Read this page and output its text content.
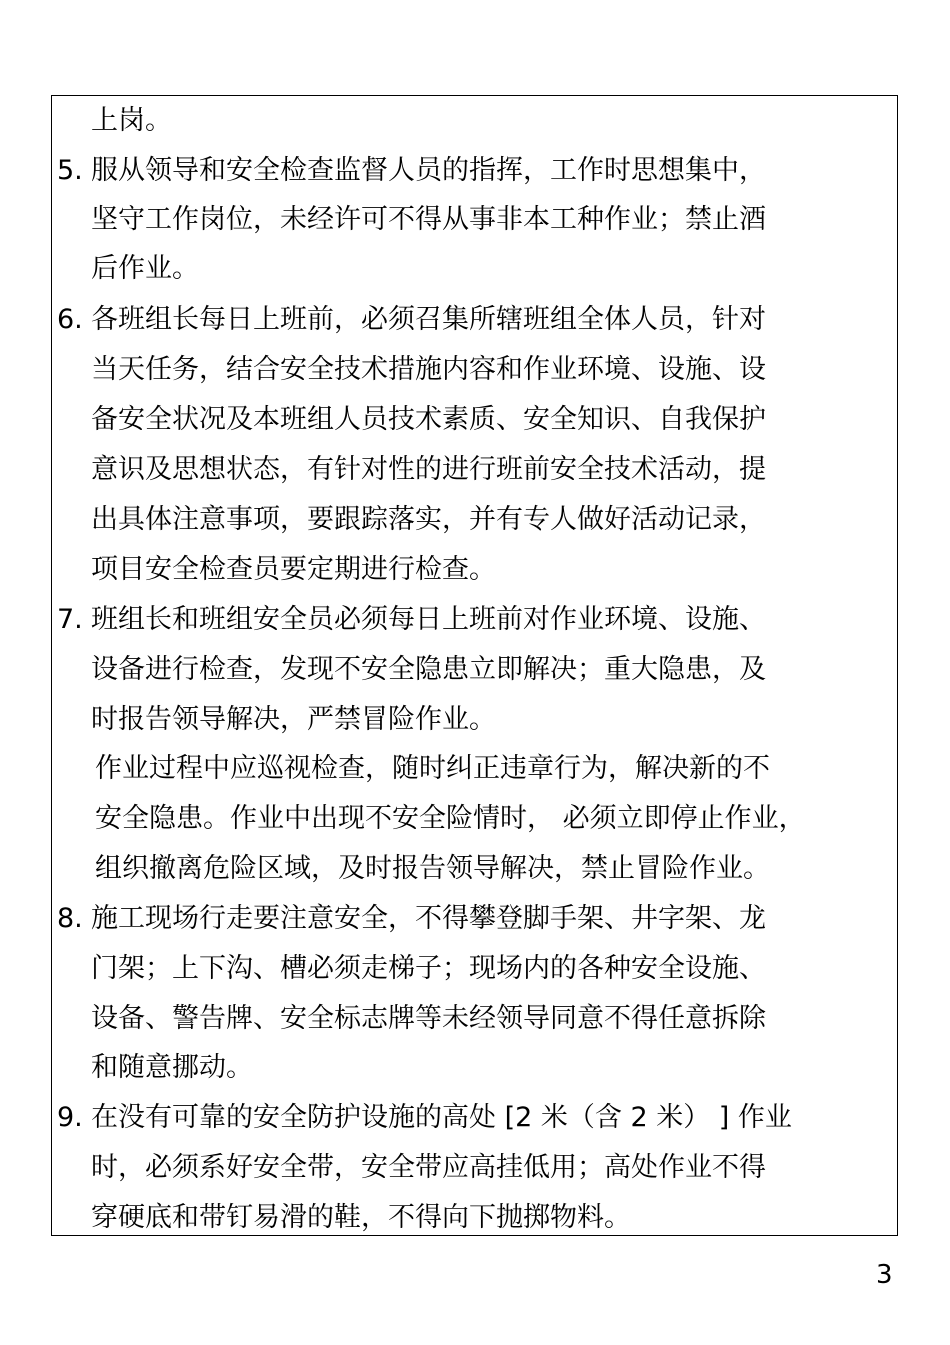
上岗。
5. 服从领导和安全检查监督人员的指挥，工作时思想集中，
坚守工作岗位，未经许可不得从事非本工种作业；禁止酒
后作业。
6. 各班组长每日上班前，必须召集所辖班组全体人员，针对
当天任务，结合安全技术措施内容和作业环境、设施、设
备安全状况及本班组人员技术素质、安全知识、自我保护
意识及思想状态，有针对性的进行班前安全技术活动，提
出具体注意事项，要跟踪落实，并有专人做好活动记录，
项目安全检查员要定期进行检查。
7. 班组长和班组安全员必须每日上班前对作业环境、设施、
设备进行检查，发现不安全隐患立即解决；重大隐患，及
时报告领导解决，严禁冒险作业。
作业过程中应巡视检查，随时纠正违章行为，解决新的不
安全隐患。作业中出现不安全险情时， 必须立即停止作业，
组织撤离危险区域，及时报告领导解决，禁止冒险作业。
8. 施工现场行走要注意安全，不得攀登脚手架、井字架、龙
门架；上下沟、槽必须走梯子；现场内的各种安全设施、
设备、警告牌、安全标志牌等未经领导同意不得任意拆除
和随意挪动。
9. 在没有可靠的安全防护设施的高处 [2 米（含 2 米） ] 作业
时，必须系好安全带，安全带应高挂低用；高处作业不得
穿硬底和带钉易滑的鞋，不得向下抛掷物料。
3
